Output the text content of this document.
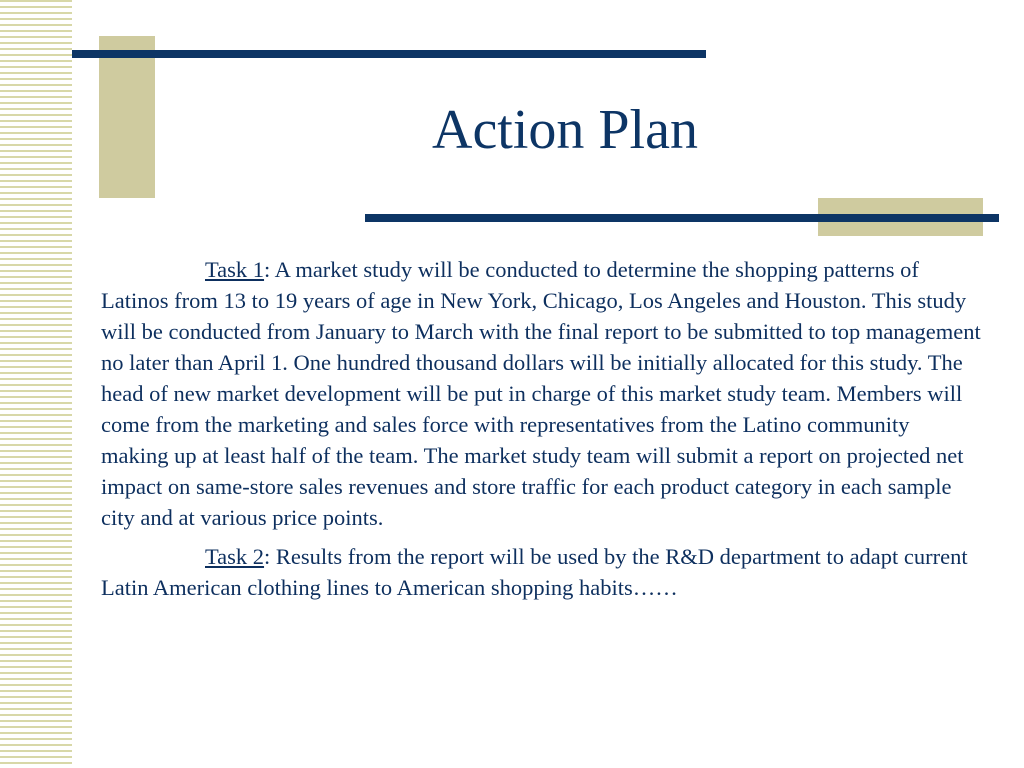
Action Plan

Task 1: A market study will be conducted to determine the shopping patterns of Latinos from 13 to 19 years of age in New York, Chicago, Los Angeles and Houston. This study will be conducted from January to March with the final report to be submitted to top management no later than April 1. One hundred thousand dollars will be initially allocated for this study. The head of new market development will be put in charge of this market study team. Members will come from the marketing and sales force with representatives from the Latino community making up at least half of the team. The market study team will submit a report on projected net impact on same-store sales revenues and store traffic for each product category in each sample city and at various price points.

Task 2: Results from the report will be used by the R&D department to adapt current Latin American clothing lines to American shopping habits……
